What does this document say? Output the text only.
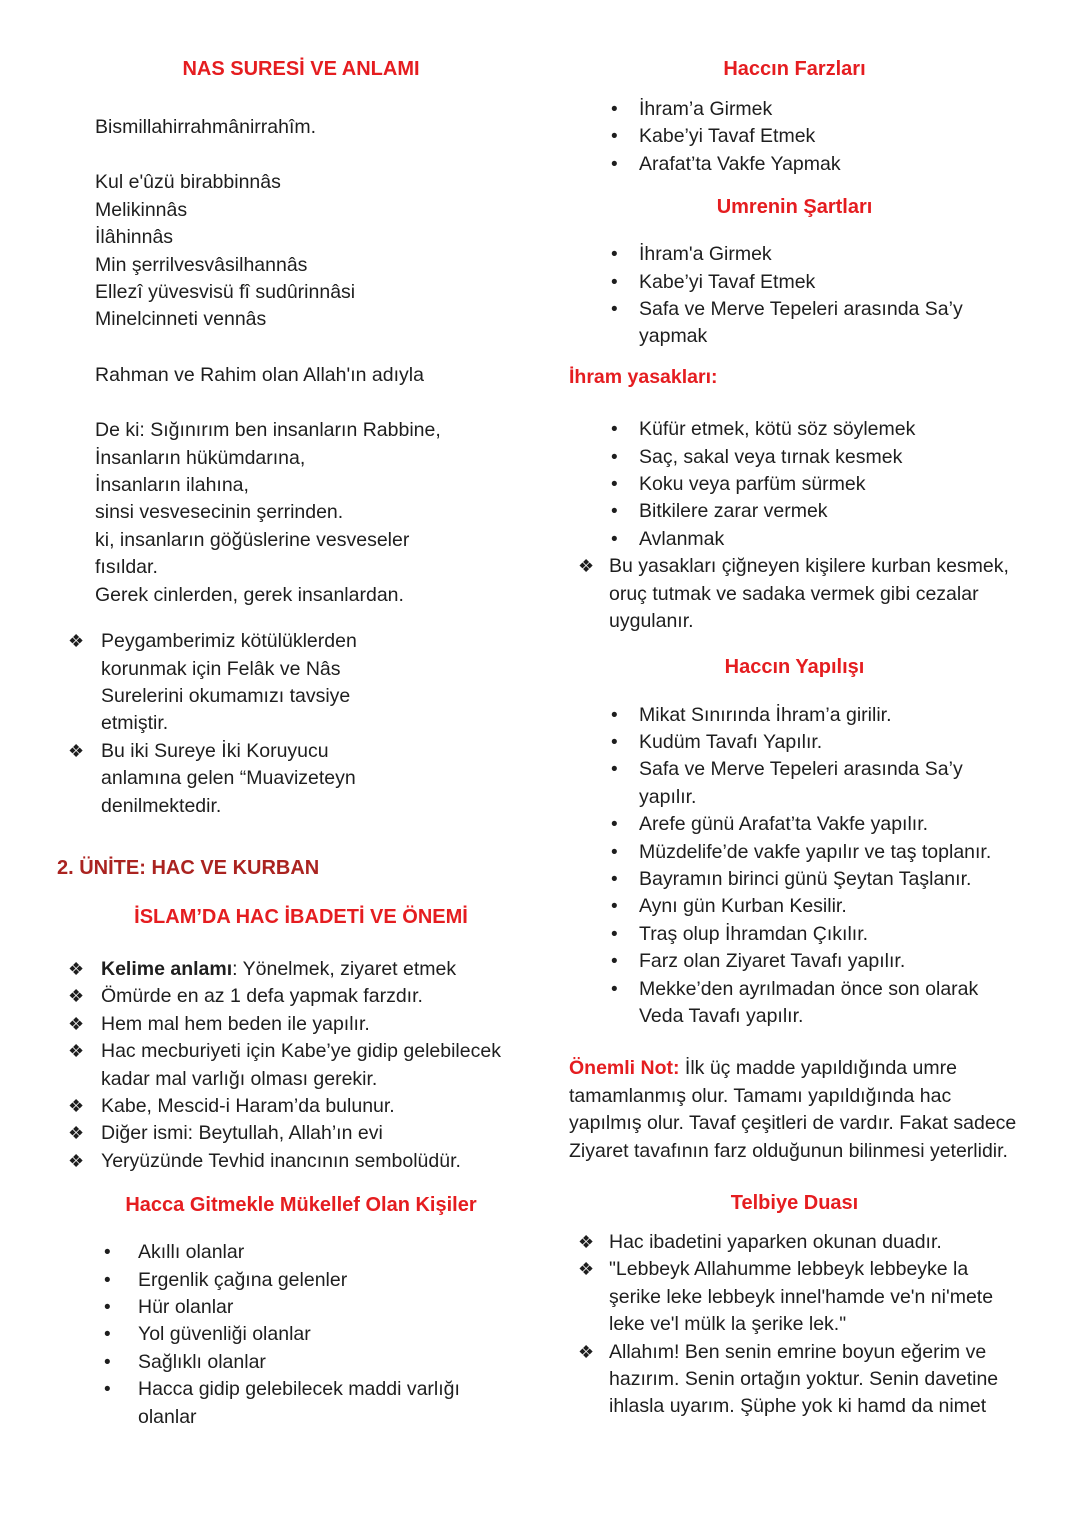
NAS SURESİ VE ANLAMI

Bismillahirrahmânirrahîm.

Kul e'ûzü birabbinnâs
Melikinnâs
İlâhinnâs
Min şerrilvesvâsilhannâs
Ellezî yüvesvisü fî sudûrinnâsi
Minelcinneti vennâs

Rahman ve Rahim olan Allah'ın adıyla

De ki: Sığınırım ben insanların Rabbine,
İnsanların hükümdarına,
İnsanların ilahına,
sinsi vesvesecinin şerrinden.
ki, insanların göğüslerine vesveseler
fısıldar.
Gerek cinlerden, gerek insanlardan.
❖ Peygamberimiz kötülüklerden korunmak için Felâk ve Nâs Surelerini okumamızı tavsiye etmiştir.
❖ Bu iki Sureye İki Koruyucu anlamına gelen “Muavizeteyn denilmektedir.
2. ÜNİTE: HAC VE KURBAN
İSLAM’DA HAC İBADETİ VE ÖNEMİ
❖ Kelime anlamı: Yönelmek, ziyaret etmek
❖ Ömürde en az 1 defa yapmak farzdır.
❖ Hem mal hem beden ile yapılır.
❖ Hac mecburiyeti için Kabe’ye gidip gelebilecek kadar mal varlığı olması gerekir.
❖ Kabe, Mescid-i Haram’da bulunur.
❖ Diğer ismi: Beytullah, Allah’ın evi
❖ Yeryüzünde Tevhid inancının sembolüdür.
Hacca Gitmekle Mükellef Olan Kişiler
•	Akıllı olanlar
•	Ergenlik çağına gelenler
•	Hür olanlar
•	Yol güvenliği olanlar
•	Sağlıklı olanlar
•	Hacca gidip gelebilecek maddi varlığı olanlar
Haccın Farzları
•	İhram’a Girmek
•	Kabe’yi Tavaf Etmek
•	Arafat’ta Vakfe Yapmak
Umrenin Şartları
•	İhram'a Girmek
•	Kabe’yi Tavaf Etmek
•	Safa ve Merve Tepeleri arasında Sa’y yapmak

İhram yasakları:

•	Küfür etmek, kötü söz söylemek
•	Saç, sakal veya tırnak kesmek
•	Koku veya parfüm sürmek
•	Bitkilere zarar vermek
•	Avlanmak
❖ Bu yasakları çiğneyen kişilere kurban kesmek, oruç tutmak ve sadaka vermek gibi cezalar uygulanır.
Haccın Yapılışı
•	Mikat Sınırında İhram’a girilir.
•	Kudüm Tavafı Yapılır.
•	Safa ve Merve Tepeleri arasında Sa’y yapılır.
•	Arefe günü Arafat’ta Vakfe yapılır.
•	Müzdelife’de vakfe yapılır ve taş toplanır.
•	Bayramın birinci günü Şeytan Taşlanır.
•	Aynı gün Kurban Kesilir.
•	Traş olup İhramdan Çıkılır.
•	Farz olan Ziyaret Tavafı yapılır.
•	Mekke’den ayrılmadan önce son olarak Veda Tavafı yapılır.

Önemli Not: İlk üç madde yapıldığında umre tamamlanmış olur. Tamamı yapıldığında hac yapılmış olur. Tavaf çeşitleri de vardır. Fakat sadece Ziyaret tavafının farz olduğunun bilinmesi yeterlidir.

Telbiye Duası
❖ Hac ibadetini yaparken okunan duadır.
❖ "Lebbeyk Allahumme lebbeyk lebbeyke la şerike leke lebbeyk innel'hamde ve'n ni'mete leke ve'l mülk la şerike lek."
❖ Allahım! Ben senin emrine boyun eğerim ve hazırım. Senin ortağın yoktur. Senin davetine ihlasla uyarım. Şüphe yok ki hamd da nimet
